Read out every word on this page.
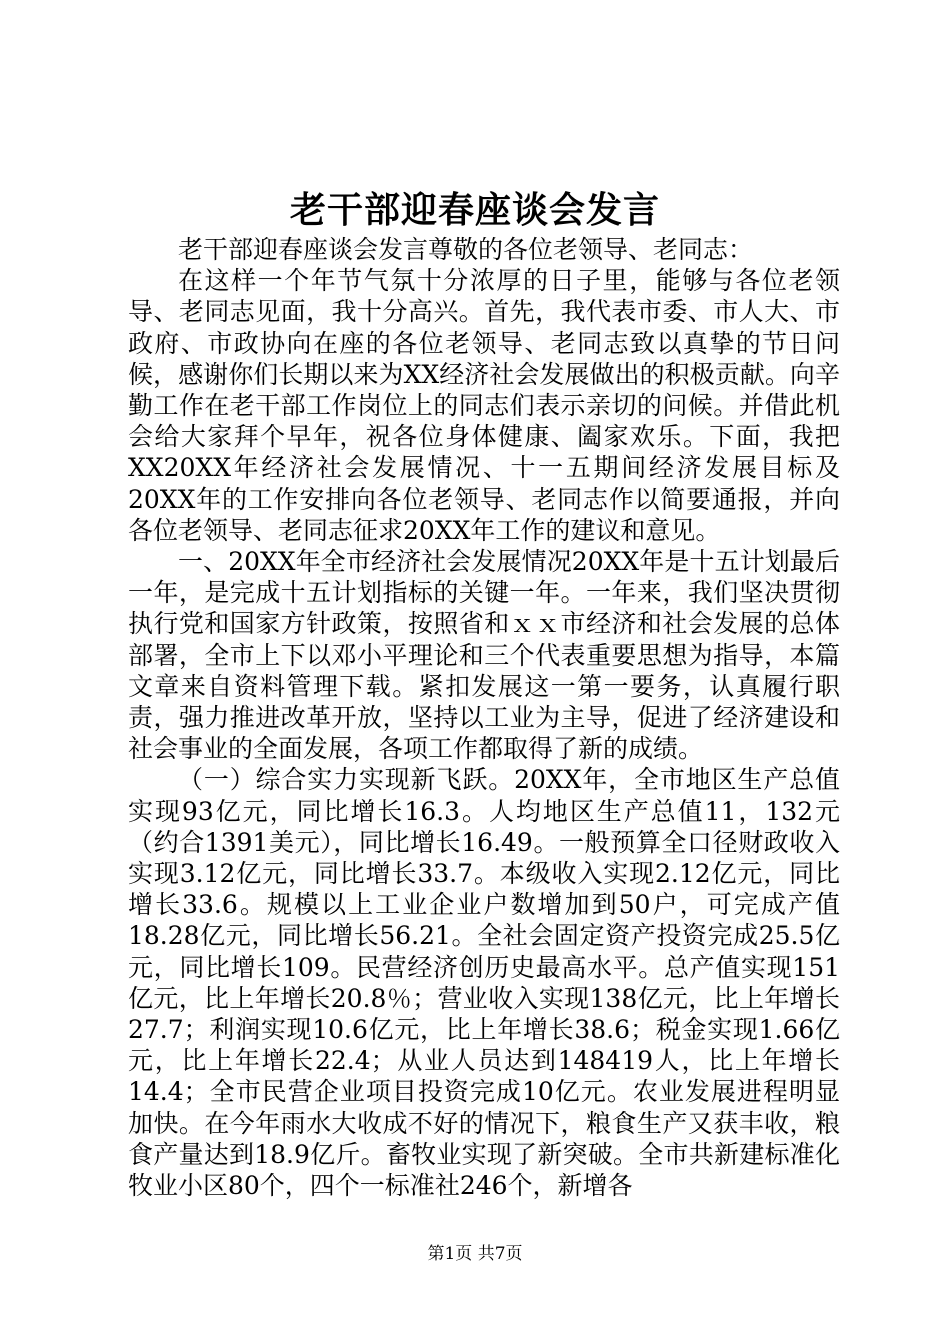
老干部迎春座谈会发言

老干部迎春座谈会发言尊敬的各位老领导、老同志：

在这样一个年节气氛十分浓厚的日子里，能够与各位老领导、老同志见面，我十分高兴。首先，我代表市委、市人大、市政府、市政协向在座的各位老领导、老同志致以真挚的节日问候，感谢你们长期以来为XX经济社会发展做出的积极贡献。向辛勤工作在老干部工作岗位上的同志们表示亲切的问候。并借此机会给大家拜个早年，祝各位身体健康、阖家欢乐。下面，我把XX20XX年经济社会发展情况、十一五期间经济发展目标及20XX年的工作安排向各位老领导、老同志作以简要通报，并向各位老领导、老同志征求20XX年工作的建议和意见。

一、20XX年全市经济社会发展情况20XX年是十五计划最后一年，是完成十五计划指标的关键一年。一年来，我们坚决贯彻执行党和国家方针政策，按照省和ｘｘ市经济和社会发展的总体部署，全市上下以邓小平理论和三个代表重要思想为指导，本篇文章来自资料管理下载。紧扣发展这一第一要务，认真履行职责，强力推进改革开放，坚持以工业为主导，促进了经济建设和社会事业的全面发展，各项工作都取得了新的成绩。

（一）综合实力实现新飞跃。20XX年，全市地区生产总值实现93亿元，同比增长16.3。人均地区生产总值11，132元（约合1391美元），同比增长16.49。一般预算全口径财政收入实现3.12亿元，同比增长33.7。本级收入实现2.12亿元，同比增长33.6。规模以上工业企业户数增加到50户，可完成产值18.28亿元，同比增长56.21。全社会固定资产投资完成25.5亿元，同比增长109。民营经济创历史最高水平。总产值实现151亿元，比上年增长20.8％；营业收入实现138亿元，比上年增长27.7；利润实现10.6亿元，比上年增长38.6；税金实现1.66亿元，比上年增长22.4；从业人员达到148419人，比上年增长14.4；全市民营企业项目投资完成10亿元。农业发展进程明显加快。在今年雨水大收成不好的情况下，粮食生产又获丰收，粮食产量达到18.9亿斤。畜牧业实现了新突破。全市共新建标准化牧业小区80个，四个一标准社246个，新增各

第1页 共7页
